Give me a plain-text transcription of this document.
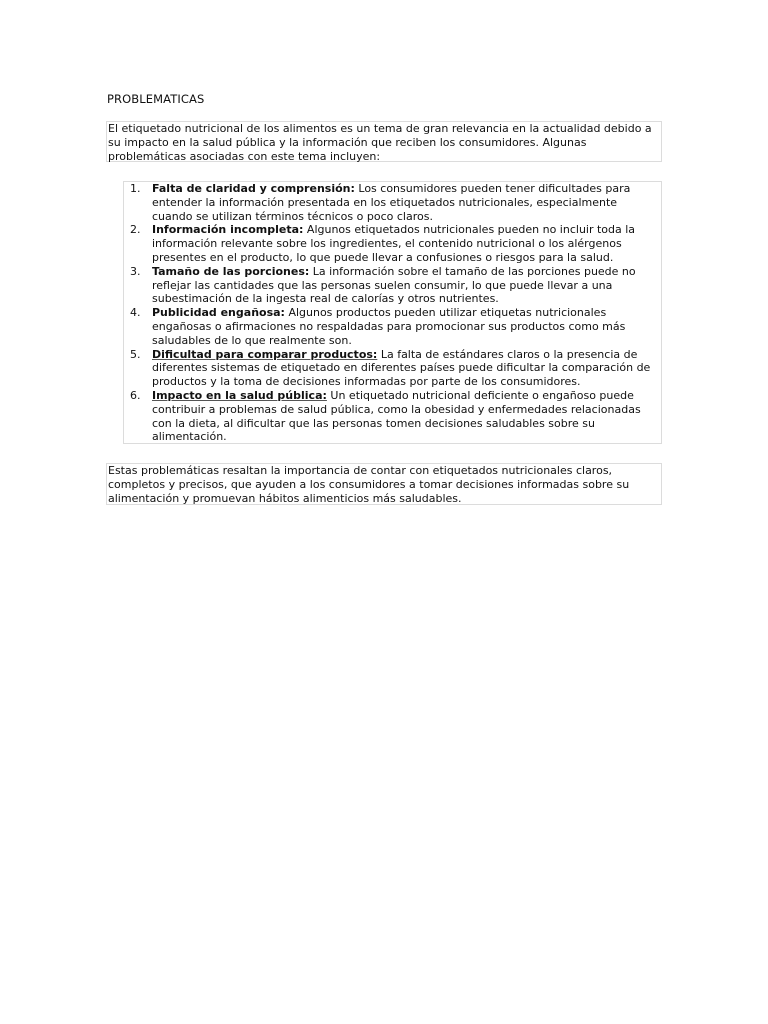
PROBLEMATICAS
El etiquetado nutricional de los alimentos es un tema de gran relevancia en la actualidad debido a su impacto en la salud pública y la información que reciben los consumidores. Algunas problemáticas asociadas con este tema incluyen:
1.	Falta de claridad y comprensión: Los consumidores pueden tener dificultades para entender la información presentada en los etiquetados nutricionales, especialmente cuando se utilizan términos técnicos o poco claros.
2.	Información incompleta: Algunos etiquetados nutricionales pueden no incluir toda la información relevante sobre los ingredientes, el contenido nutricional o los alérgenos presentes en el producto, lo que puede llevar a confusiones o riesgos para la salud.
3.	Tamaño de las porciones: La información sobre el tamaño de las porciones puede no reflejar las cantidades que las personas suelen consumir, lo que puede llevar a una subestimación de la ingesta real de calorías y otros nutrientes.
4.	Publicidad engañosa: Algunos productos pueden utilizar etiquetas nutricionales engañosas o afirmaciones no respaldadas para promocionar sus productos como más saludables de lo que realmente son.
5.	Dificultad para comparar productos: La falta de estándares claros o la presencia de diferentes sistemas de etiquetado en diferentes países puede dificultar la comparación de productos y la toma de decisiones informadas por parte de los consumidores.
6.	Impacto en la salud pública: Un etiquetado nutricional deficiente o engañoso puede contribuir a problemas de salud pública, como la obesidad y enfermedades relacionadas con la dieta, al dificultar que las personas tomen decisiones saludables sobre su alimentación.
Estas problemáticas resaltan la importancia de contar con etiquetados nutricionales claros, completos y precisos, que ayuden a los consumidores a tomar decisiones informadas sobre su alimentación y promuevan hábitos alimenticios más saludables.
